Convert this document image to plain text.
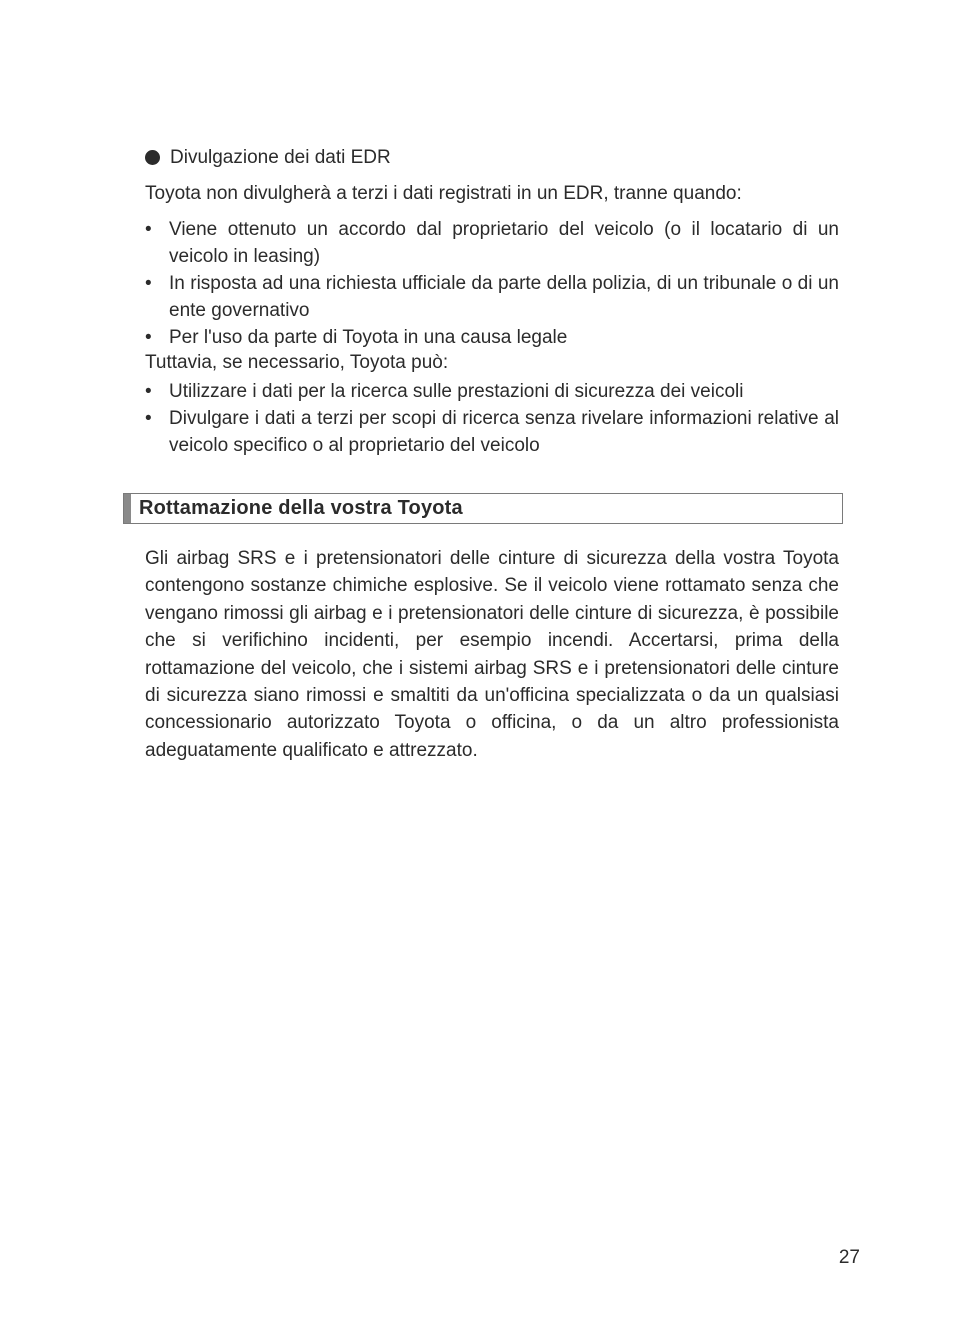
Divulgazione dei dati EDR
Toyota non divulgherà a terzi i dati registrati in un EDR, tranne quando:
• Viene ottenuto un accordo dal proprietario del veicolo (o il locatario di un veicolo in leasing)
• In risposta ad una richiesta ufficiale da parte della polizia, di un tribunale o di un ente governativo
• Per l'uso da parte di Toyota in una causa legale
Tuttavia, se necessario, Toyota può:
• Utilizzare i dati per la ricerca sulle prestazioni di sicurezza dei veicoli
• Divulgare i dati a terzi per scopi di ricerca senza rivelare informazioni relative al veicolo specifico o al proprietario del veicolo
Rottamazione della vostra Toyota

Gli airbag SRS e i pretensionatori delle cinture di sicurezza della vostra Toyota contengono sostanze chimiche esplosive. Se il veicolo viene rottamato senza che vengano rimossi gli airbag e i pretensionatori delle cinture di sicurezza, è possibile che si verifichino incidenti, per esempio incendi. Accertarsi, prima della rottamazione del veicolo, che i sistemi airbag SRS e i pretensionatori delle cinture di sicurezza siano rimossi e smaltiti da un'officina specializzata o da un qualsiasi concessionario autorizzato Toyota o officina, o da un altro professionista adeguatamente qualificato e attrezzato.

27
